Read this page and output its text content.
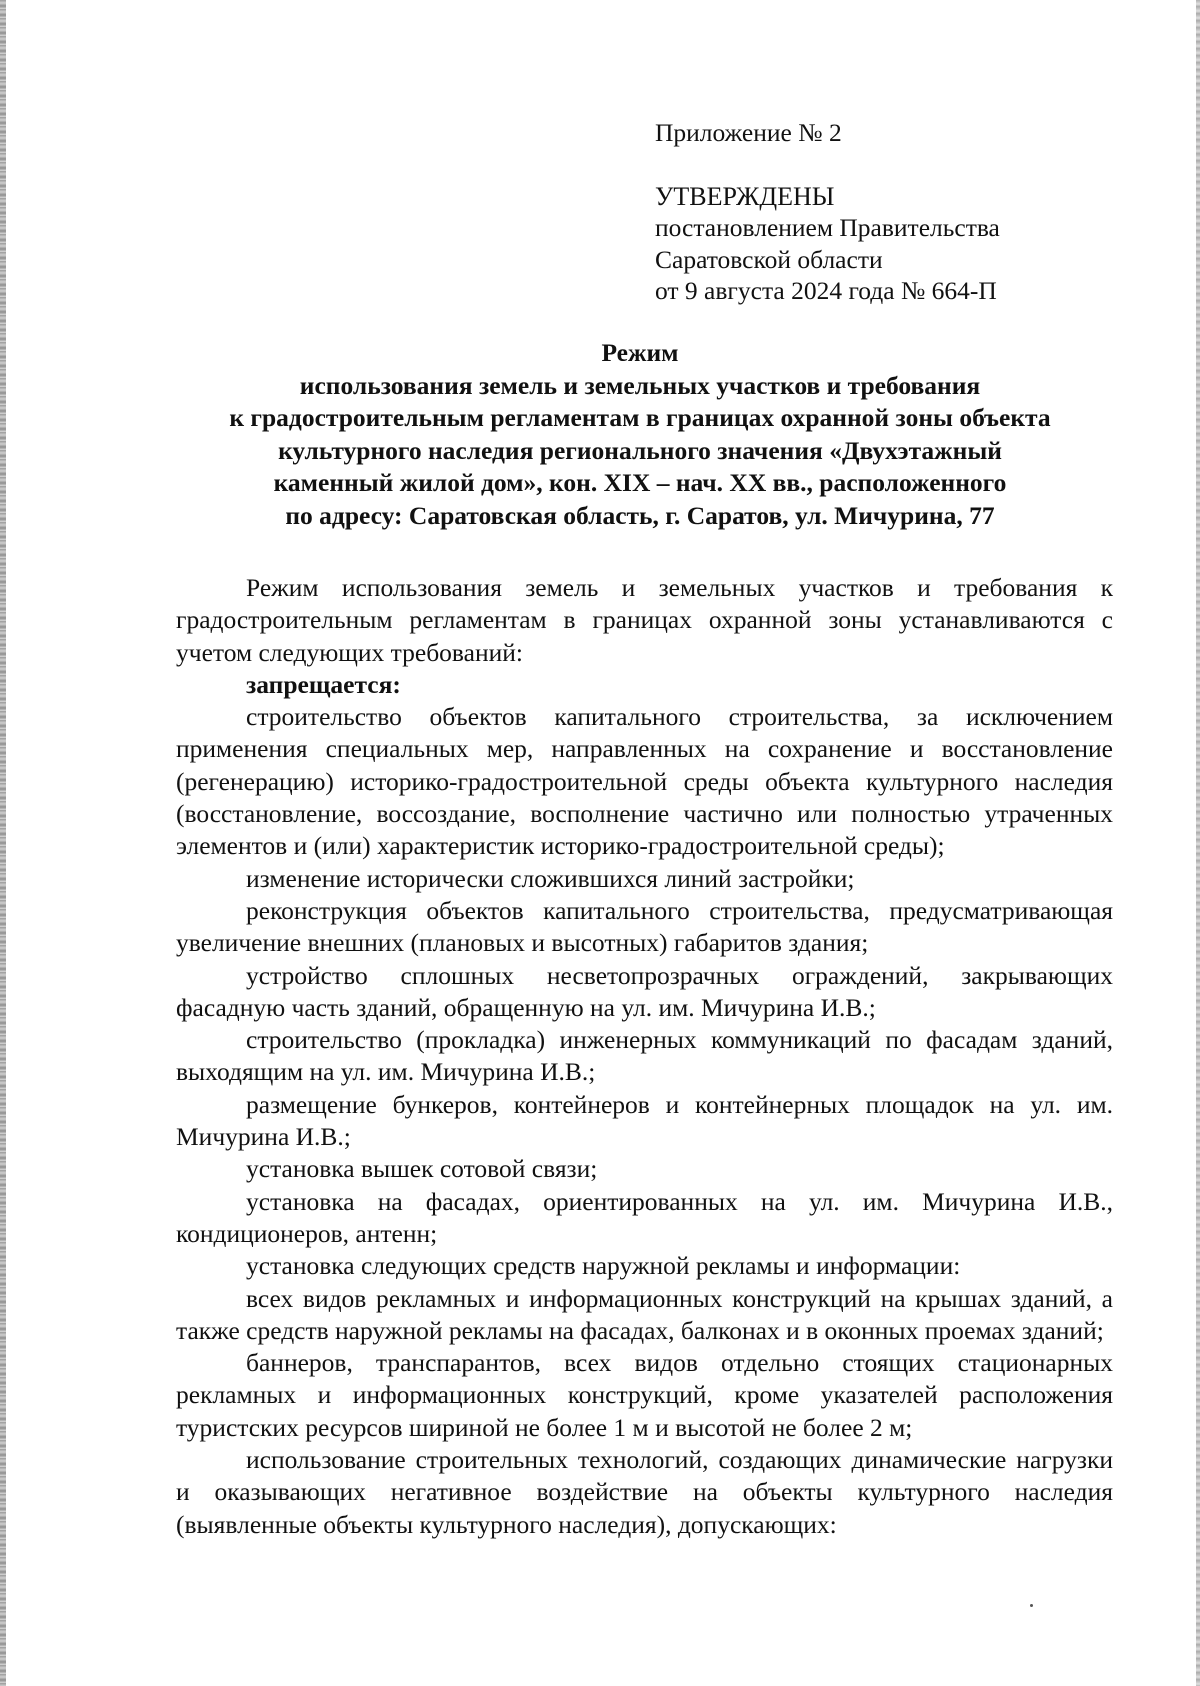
Приложение № 2
УТВЕРЖДЕНЫ
постановлением Правительства
Саратовской области
от 9 августа 2024 года № 664-П
Режим
использования земель и земельных участков и требования
к градостроительным регламентам в границах охранной зоны объекта
культурного наследия регионального значения «Двухэтажный
каменный жилой дом», кон. XIX – нач. XX вв., расположенного
по адресу: Саратовская область, г. Саратов, ул. Мичурина, 77

Режим использования земель и земельных участков и требования к градостроительным регламентам в границах охранной зоны устанавливаются с учетом следующих требований:

запрещается:

строительство объектов капитального строительства, за исключением применения специальных мер, направленных на сохранение и восстановление (регенерацию) историко-градостроительной среды объекта культурного наследия (восстановление, воссоздание, восполнение частично или полностью утраченных элементов и (или) характеристик историко-градостроительной среды);

изменение исторически сложившихся линий застройки;

реконструкция объектов капитального строительства, предусматривающая увеличение внешних (плановых и высотных) габаритов здания;

устройство сплошных несветопрозрачных ограждений, закрывающих фасадную часть зданий, обращенную на ул. им. Мичурина И.В.;

строительство (прокладка) инженерных коммуникаций по фасадам зданий, выходящим на ул. им. Мичурина И.В.;

размещение бункеров, контейнеров и контейнерных площадок на ул. им. Мичурина И.В.;

установка вышек сотовой связи;

установка на фасадах, ориентированных на ул. им. Мичурина И.В., кондиционеров, антенн;

установка следующих средств наружной рекламы и информации:

всех видов рекламных и информационных конструкций на крышах зданий, а также средств наружной рекламы на фасадах, балконах и в оконных проемах зданий;

баннеров, транспарантов, всех видов отдельно стоящих стационарных рекламных и информационных конструкций, кроме указателей расположения туристских ресурсов шириной не более 1 м и высотой не более 2 м;

использование строительных технологий, создающих динамические нагрузки и оказывающих негативное воздействие на объекты культурного наследия (выявленные объекты культурного наследия), допускающих:
